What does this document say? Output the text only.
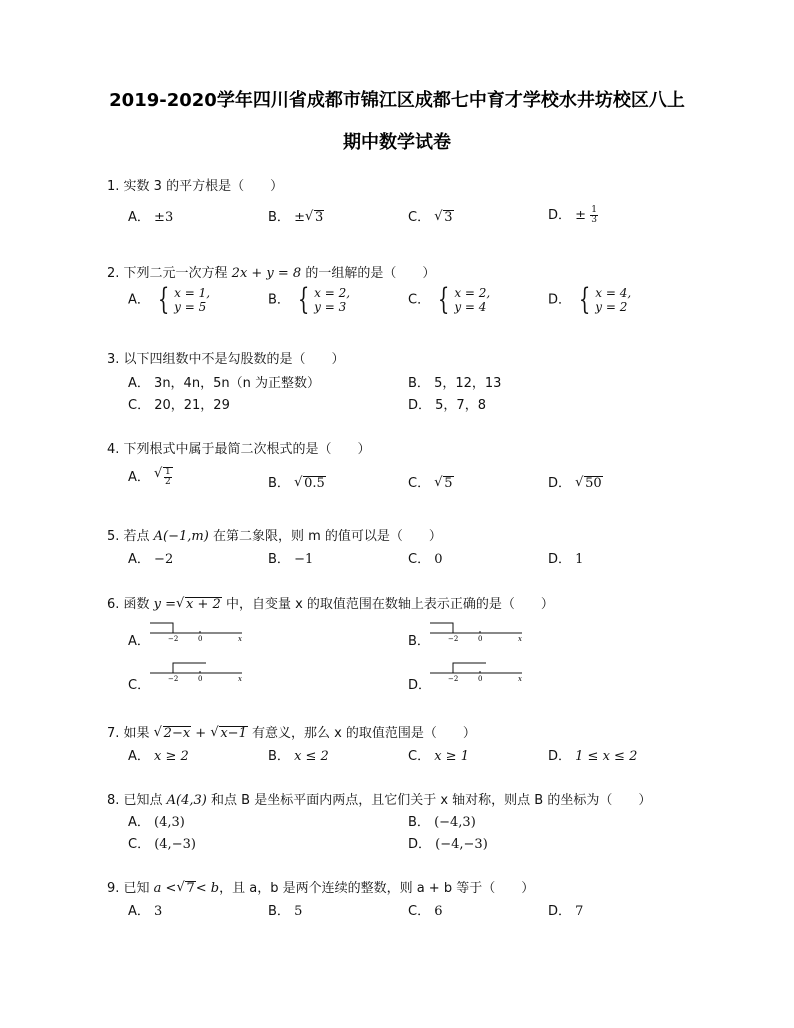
2019-2020学年四川省成都市锦江区成都七中育才学校水井坊校区八上
期中数学试卷
1. 实数 3 的平方根是（　　）
A． ±3	B． ± √ 3	C． √ 3	D． ± $\frac{1}{3}$
2. 下列二元一次方程 2x + y = 8 的一组解的是（　　）
A． { x = 1,
y = 5	B． { x = 2,
y = 3	C． { x = 2,
y = 4	D． { x = 4,
y = 2
3. 以下四组数中不是勾股数的是（　　）
A． 3n，4n，5n（n 为正整数）	B． 5，12，13
C． 20，21，29	D． 5，7，8
4. 下列根式中属于最简二次根式的是（　　）
A． √ $\frac{1}{2}$	B． √ 0.5	C． √ 5	D． √ 50
5. 若点 A(−1,m) 在第二象限，则 m 的值可以是（　　）
A． −2	B． −1	C． 0	D． 1
6. 函数 y = √ x + 2 中，自变量 x 的取值范围在数轴上表示正确的是（　　）
A．	−2	0	x	B．	−2	0	x
C．	−2	0	x	D． −2	0	x
7. 如果 √ 2−x + √ x−1 有意义，那么 x 的取值范围是（　　）
A． x ≥ 2	B． x ≤ 2	C． x ≥ 1	D． 1 ≤ x ≤ 2
8. 已知点 A(4,3) 和点 B 是坐标平面内两点，且它们关于 x 轴对称，则点 B 的坐标为（　　）
A． (4,3)	B． (−4,3)
C． (4,−3)	D． (−4,−3)
9. 已知 a < √ 7< b，且 a，b 是两个连续的整数，则 a + b 等于（　　）
A． 3	B． 5	C． 6	D． 7
